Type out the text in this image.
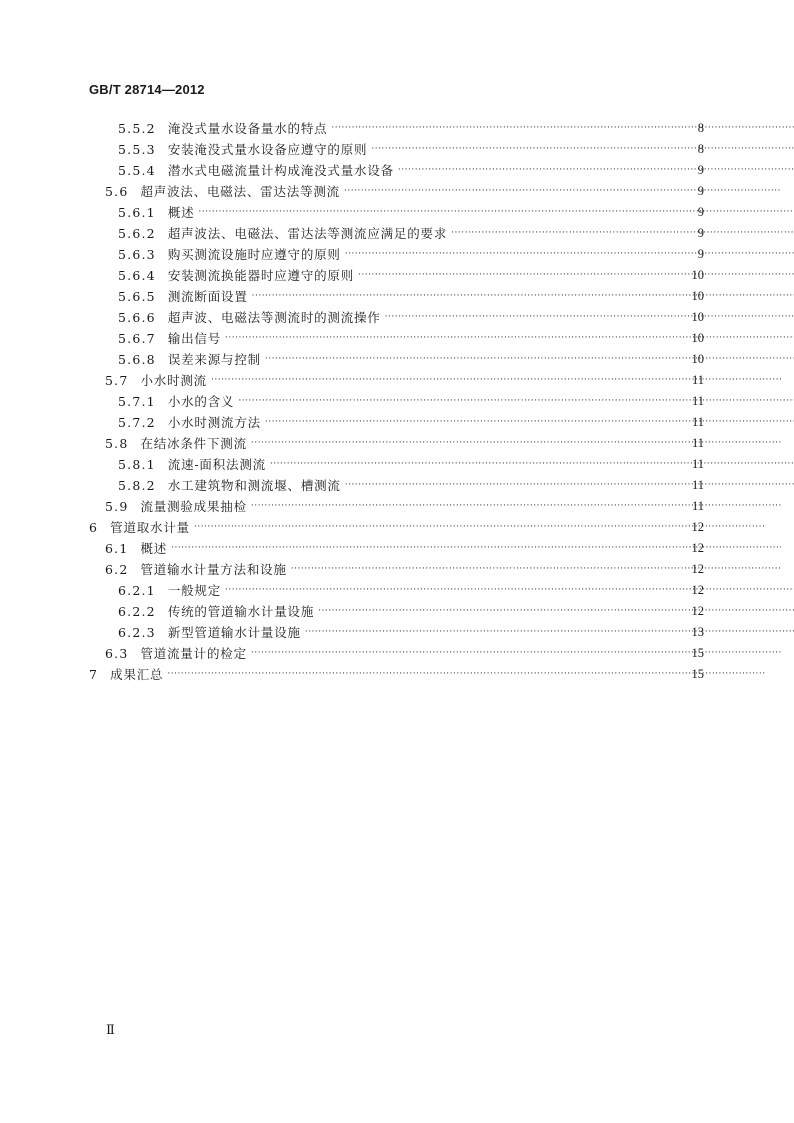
GB/T 28714—2012
5.5.2 淹没式量水设备量水的特点 ·····	8
5.5.3 安装淹没式量水设备应遵守的原则 ·····	8
5.5.4 潜水式电磁流量计构成淹没式量水设备 ·····	9
5.6 超声波法、电磁法、雷达法等测流 ·····	9
5.6.1 概述 ·····	9
5.6.2 超声波法、电磁法、雷达法等测流应满足的要求 ·····	9
5.6.3 购买测流设施时应遵守的原则 ·····	9
5.6.4 安装测流换能器时应遵守的原则 ·····	10
5.6.5 测流断面设置 ·····	10
5.6.6 超声波、电磁法等测流时的测流操作 ·····	10
5.6.7 输出信号 ·····	10
5.6.8 误差来源与控制 ·····	10
5.7 小水时测流 ·····	11
5.7.1 小水的含义 ·····	11
5.7.2 小水时测流方法 ·····	11
5.8 在结冰条件下测流 ·····	11
5.8.1 流速-面积法测流 ·····	11
5.8.2 水工建筑物和测流堰、槽测流 ·····	11
5.9 流量测验成果抽检 ·····	11
6 管道取水计量 ·····	12
6.1 概述 ·····	12
6.2 管道输水计量方法和设施 ·····	12
6.2.1 一般规定 ·····	12
6.2.2 传统的管道输水计量设施 ·····	12
6.2.3 新型管道输水计量设施 ·····	13
6.3 管道流量计的检定 ·····	15
7 成果汇总 ·····	15
Ⅱ
